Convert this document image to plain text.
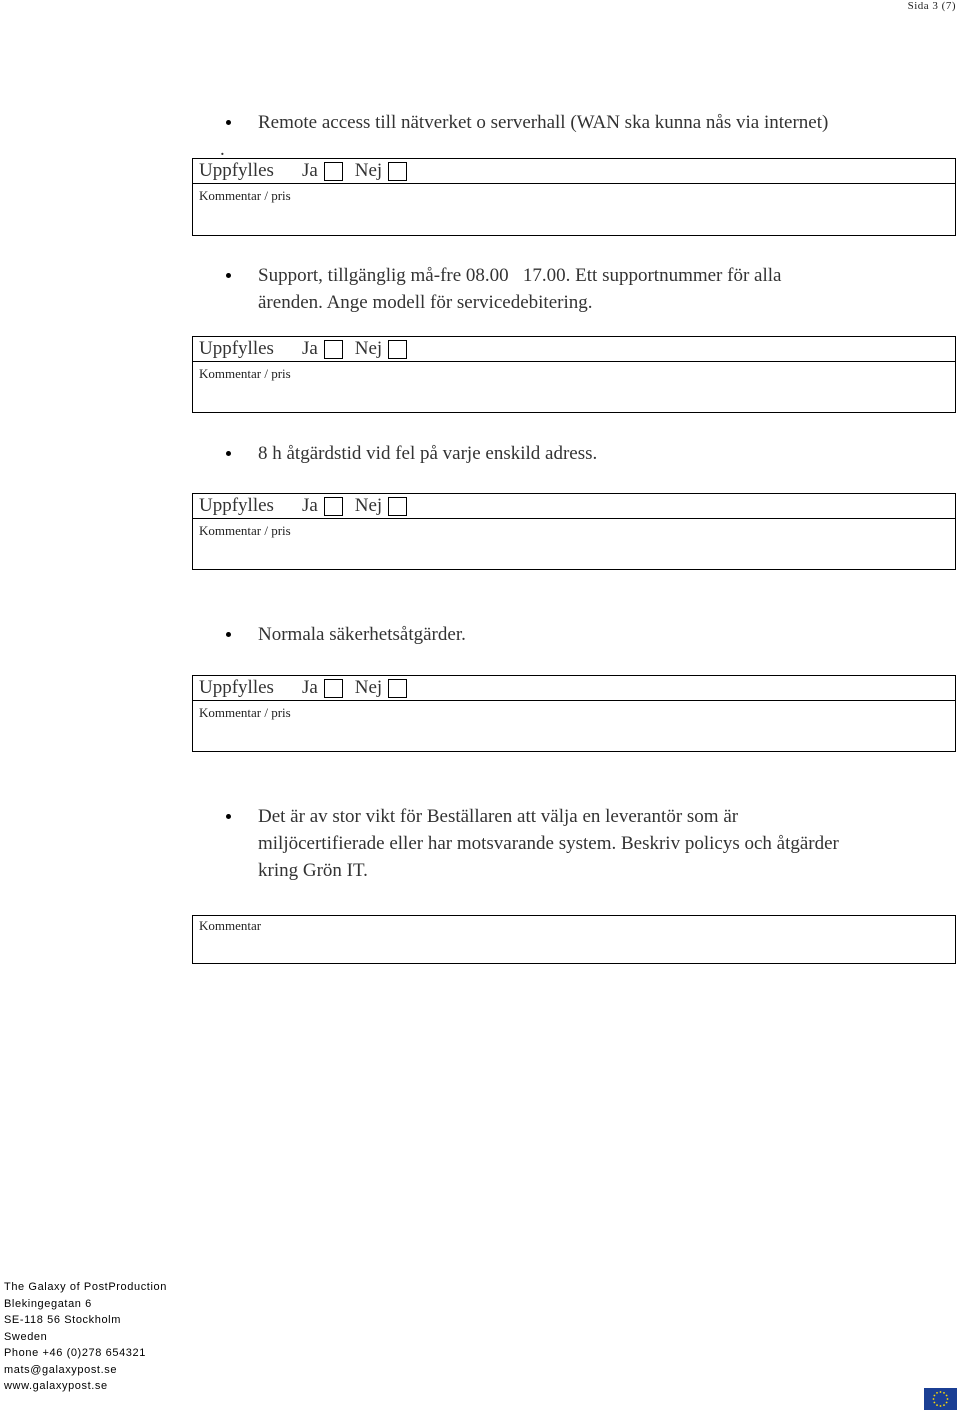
Sida 3 (7)
Remote access till nätverket o serverhall (WAN ska kunna nås via internet)
.
Uppfylles Ja Nej
Kommentar / pris
Support, tillgänglig må-fre 08.00   17.00. Ett supportnummer för alla
ärenden. Ange modell för servicedebitering.
Uppfylles Ja Nej
Kommentar / pris
8 h åtgärdstid vid fel på varje enskild adress.
Uppfylles Ja Nej
Kommentar / pris
Normala säkerhetsåtgärder.
Uppfylles Ja Nej
Kommentar / pris
Det är av stor vikt för Beställaren att välja en leverantör som är
miljöcertifierade eller har motsvarande system. Beskriv policys och åtgärder
kring Grön IT.
Kommentar
The Galaxy of PostProduction
Blekingegatan 6
SE-118 56 Stockholm
Sweden
Phone +46 (0)278 654321
mats@galaxypost.se
www.galaxypost.se
